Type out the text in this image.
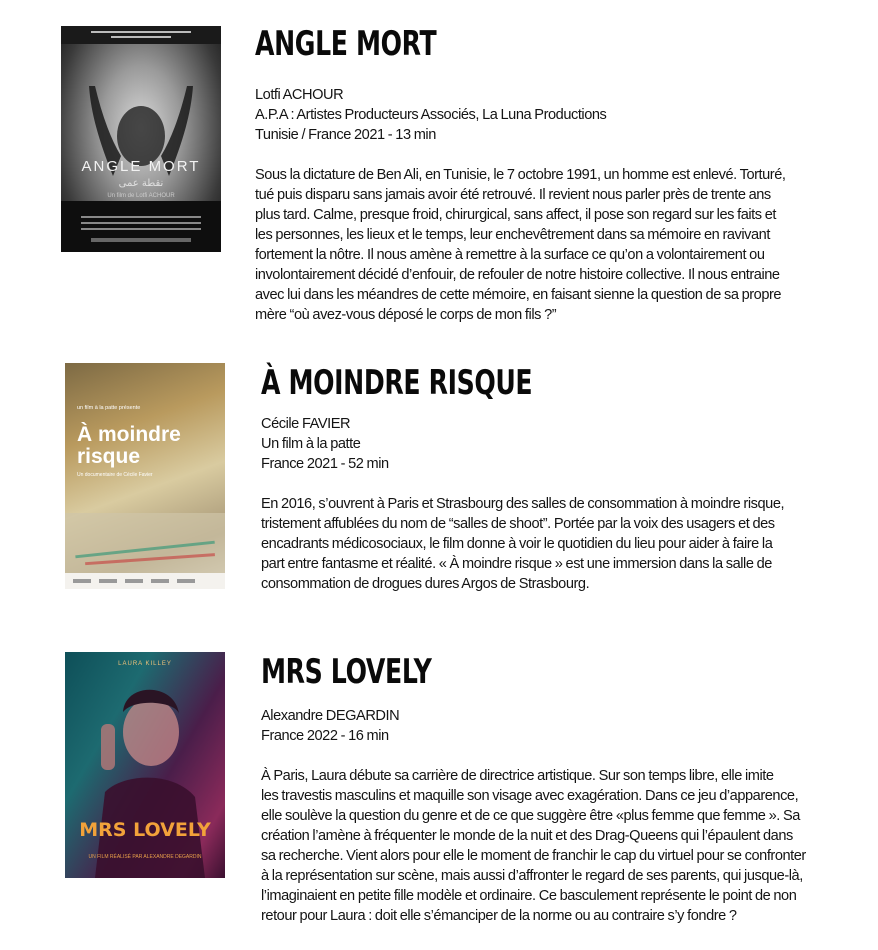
ANGLE MORT
نقطة عمى
Un film de Lotfi ACHOUR
ANGLE MORT
Lotfi ACHOUR
A.P.A : Artistes Producteurs Associés, La Luna Productions
Tunisie / France 2021 - 13 min

Sous la dictature de Ben Ali, en Tunisie, le 7 octobre 1991, un homme est enlevé. Torturé,
tué puis disparu sans jamais avoir été retrouvé. Il revient nous parler près de trente ans
plus tard. Calme, presque froid, chirurgical, sans affect, il pose son regard sur les faits et
les personnes, les lieux et le temps, leur enchevêtrement dans sa mémoire en ravivant
fortement la nôtre. Il nous amène à remettre à la surface ce qu’on a volontairement ou
involontairement décidé d’enfouir, de refouler de notre histoire collective. Il nous entraine
avec lui dans les méandres de cette mémoire, en faisant sienne la question de sa propre
mère “où avez-vous déposé le corps de mon fils ?”

un film à la patte présente
À moindre
risque
Un documentaire de Cécile Favier
À MOINDRE RISQUE
Cécile FAVIER
Un film à la patte
France 2021 - 52 min

En 2016, s’ouvrent à Paris et Strasbourg des salles de consommation à moindre risque,
tristement affublées du nom de “salles de shoot”. Portée par la voix des usagers et des
encadrants médicosociaux, le film donne à voir le quotidien du lieu pour aider à faire la
part entre fantasme et réalité. « À moindre risque » est une immersion dans la salle de
consommation de drogues dures Argos de Strasbourg.

LAURA KILLEY
MRS LOVELY
UN FILM RÉALISÉ PAR ALEXANDRE DEGARDIN
MRS LOVELY
Alexandre DEGARDIN
France 2022 - 16 min

À Paris, Laura débute sa carrière de directrice artistique. Sur son temps libre, elle imite
les travestis masculins et maquille son visage avec exagération. Dans ce jeu d’apparence,
elle soulève la question du genre et de ce que suggère être «plus femme que femme ». Sa
création l’amène à fréquenter le monde de la nuit et des Drag-Queens qui l’épaulent dans
sa recherche. Vient alors pour elle le moment de franchir le cap du virtuel pour se confronter
à la représentation sur scène, mais aussi d’affronter le regard de ses parents, qui jusque-là,
l’imaginaient en petite fille modèle et ordinaire. Ce basculement représente le point de non
retour pour Laura : doit elle s’émanciper de la norme ou au contraire s’y fondre ?
